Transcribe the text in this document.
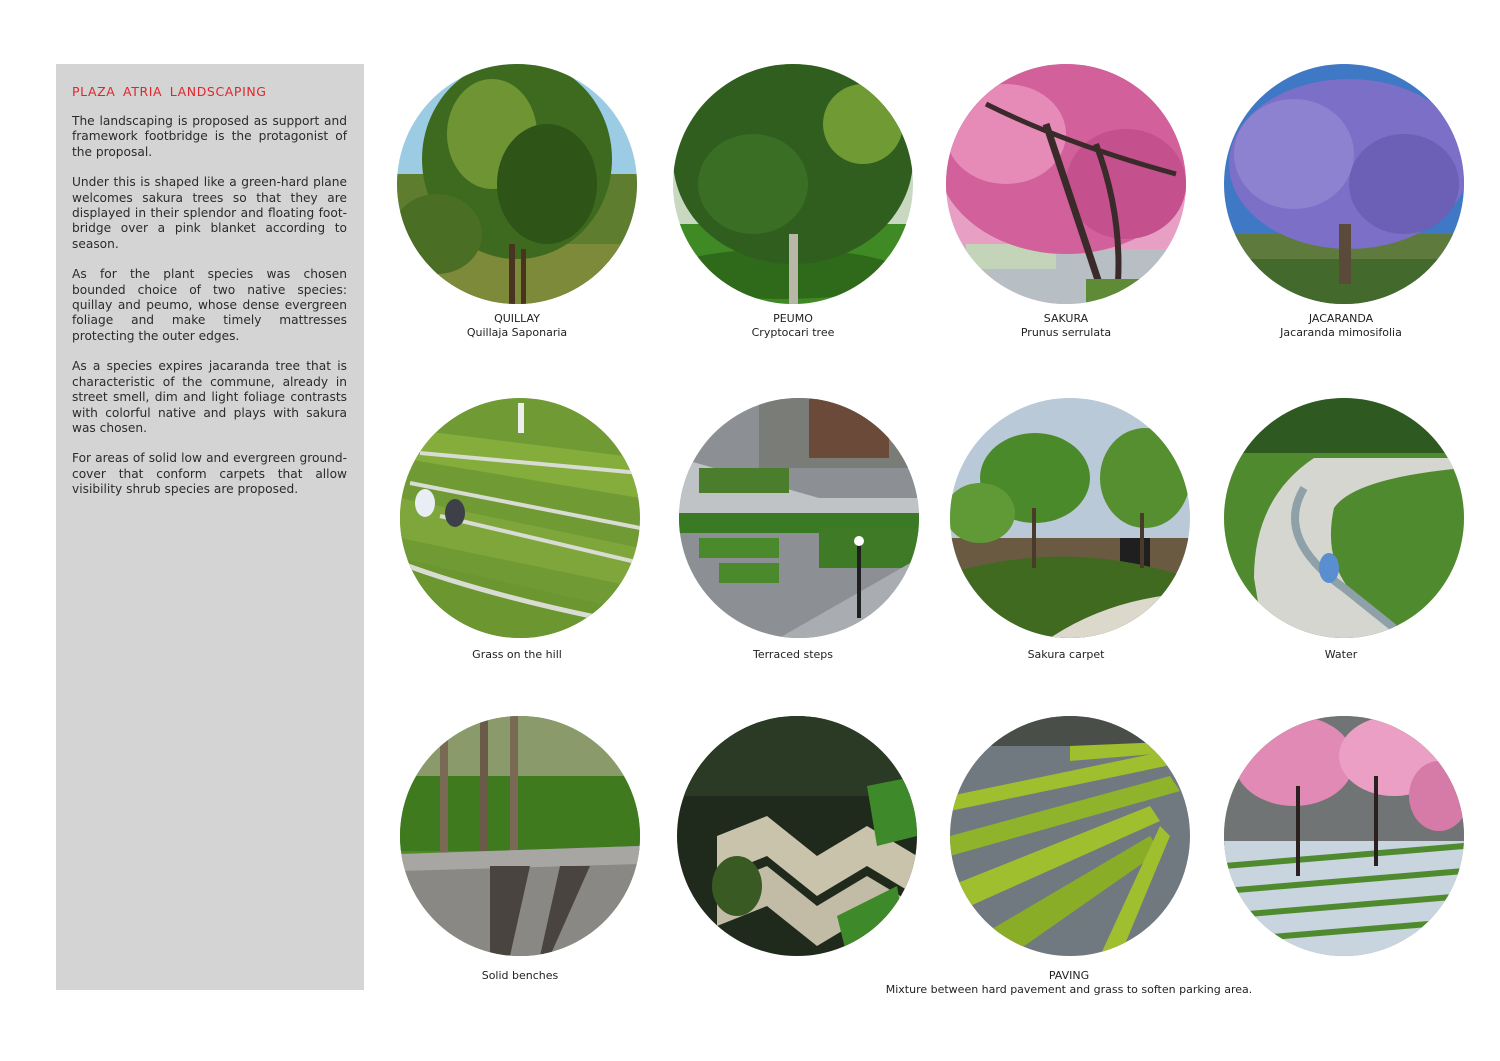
PLAZA ATRIA LANDSCAPING

The landscaping is proposed as support and framework footbridge is the protagonist of the proposal.

Under this is shaped like a green-hard plane welcomes sakura trees so that they are displayed in their splendor and floating foot-bridge over a pink blanket according to season.

As for the plant species was chosen bounded choice of two native species: quillay and peumo, whose dense evergreen foliage and make timely mattresses protecting the outer edges.

As a species expires jacaranda tree that is characteristic of the commune, already in street smell, dim and light foliage contrasts with colorful native and plays with sakura was chosen.

For areas of solid low and evergreen ground-cover that conform carpets that allow visibility shrub species are proposed.

QUILLAY
Quillaja Saponaria
PEUMO
Cryptocari tree
SAKURA
Prunus serrulata
JACARANDA
Jacaranda mimosifolia
Grass on the hill	Terraced steps	Sakura carpet	Water
Solid benches	PAVING
Mixture between hard pavement and grass to soften parking area.
